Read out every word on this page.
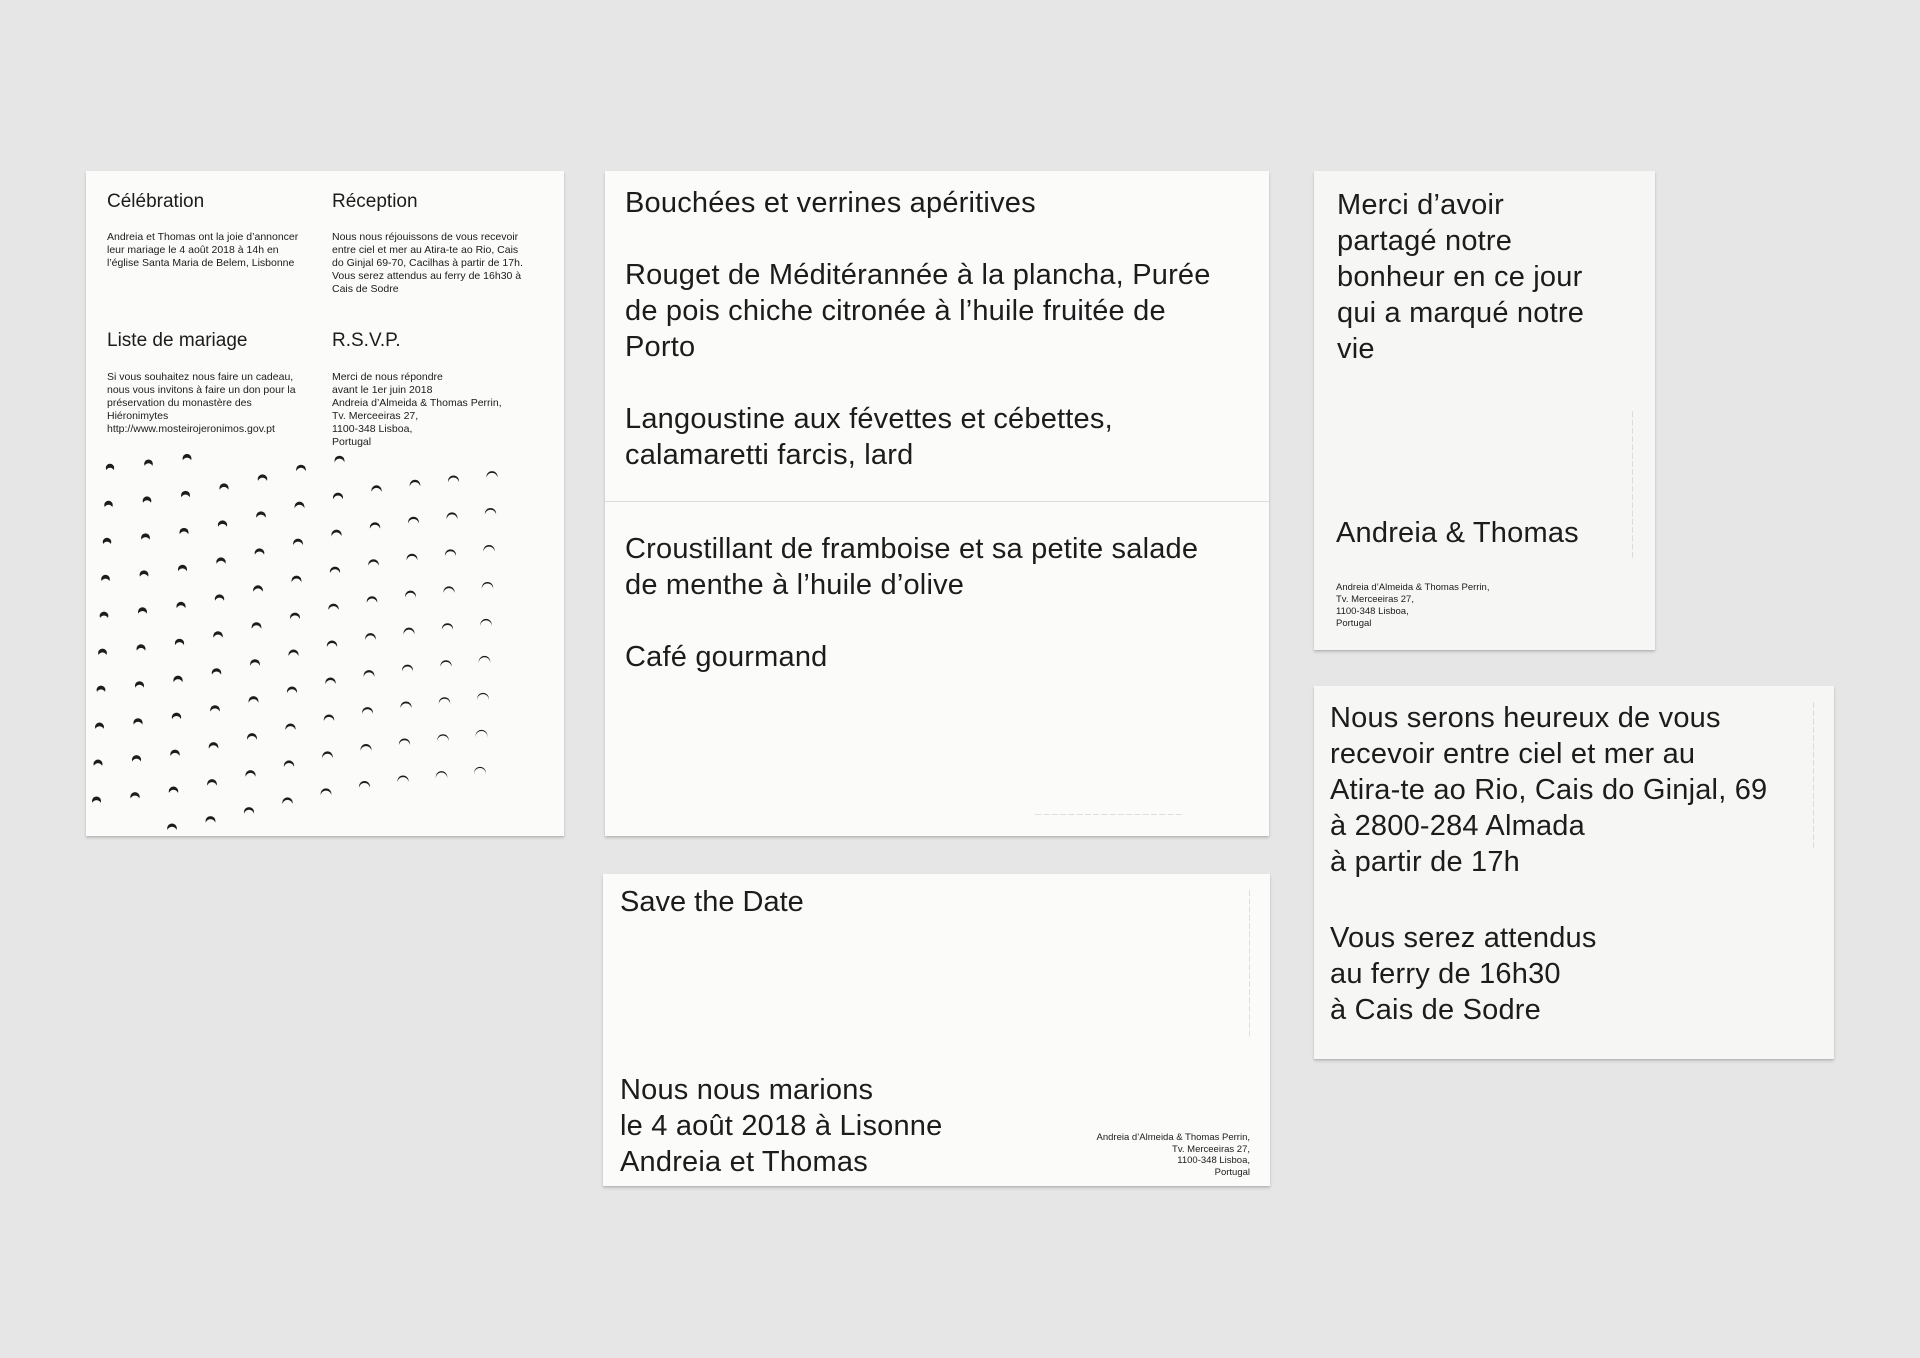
Célébration
Andreia et Thomas ont la joie d’annoncer
leur mariage le 4 août 2018 à 14h en
l’église Santa Maria de Belem, Lisbonne
Réception
Nous nous réjouissons de vous recevoir
entre ciel et mer au Atira-te ao Rio, Cais
do Ginjal 69-70, Cacilhas à partir de 17h.
Vous serez attendus au ferry de 16h30 à
Cais de Sodre
Liste de mariage
Si vous souhaitez nous faire un cadeau,
nous vous invitons à faire un don pour la
préservation du monastère des
Hiéronimytes
http://www.mosteirojeronimos.gov.pt
R.S.V.P.
Merci de nous répondre
avant le 1er juin 2018
Andreia d’Almeida & Thomas Perrin,
Tv. Merceeiras 27,
1100-348 Lisboa,
Portugal
Bouchées et verrines apéritives
Rouget de Méditérannée à la plancha, Purée
de pois chiche citronée à l’huile fruitée de
Porto
Langoustine aux févettes et cébettes,
calamaretti farcis, lard
Croustillant de framboise et sa petite salade
de menthe à l’huile d’olive
Café gourmand
— — — — — — — — — — — — — — — — — —
Merci d’avoir
partagé notre
bonheur en ce jour
qui a marqué notre
vie
Andreia & Thomas
Andreia d’Almeida & Thomas Perrin,
Tv. Merceeiras 27,
1100-348 Lisboa,
Portugal
— — — — — — — — — — — — — — — — — —
Save the Date
Nous nous marions
le 4 août 2018 à Lisonne
Andreia et Thomas
Andreia d’Almeida & Thomas Perrin,
Tv. Merceeiras 27,
1100-348 Lisboa,
Portugal
— — — — — — — — — — — — — — — — — —
Nous serons heureux de vous
recevoir entre ciel et mer au
Atira-te ao Rio, Cais do Ginjal, 69
à 2800-284 Almada
à partir de 17h
Vous serez attendus
au ferry de 16h30
à Cais de Sodre
— — — — — — — — — — — — — — — — — —
